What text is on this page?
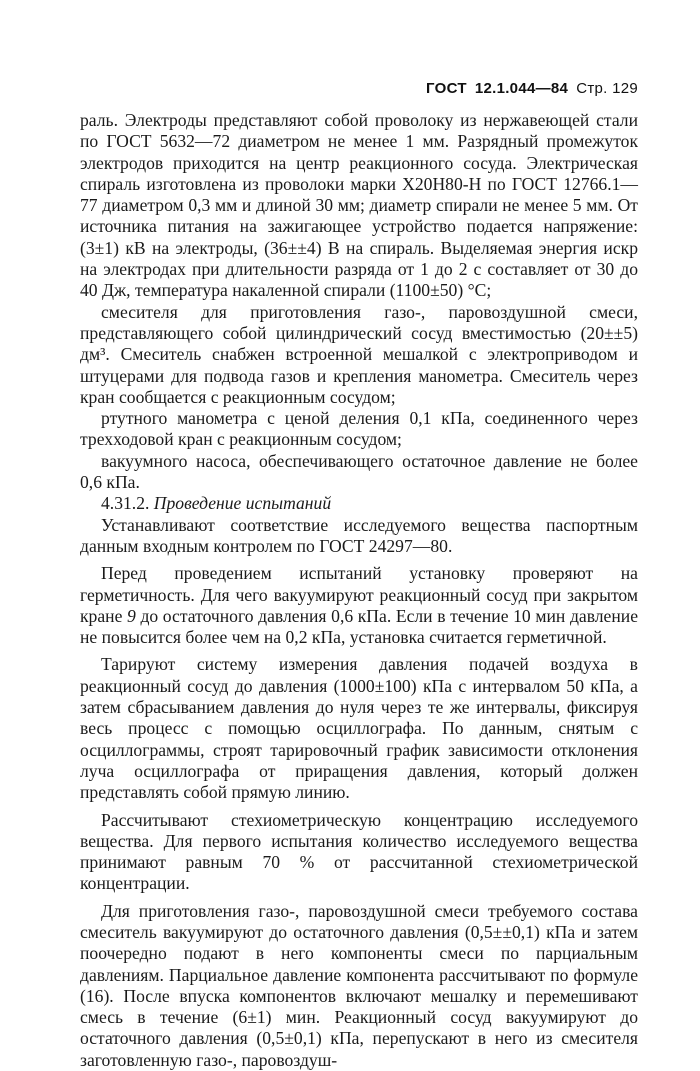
ГОСТ 12.1.044—84 Стр. 129

раль. Электроды представляют собой проволоку из нержавеющей стали по ГОСТ 5632—72 диаметром не менее 1 мм. Разрядный промежуток электродов приходится на центр реакционного сосуда. Электрическая спираль изготовлена из проволоки марки Х20Н80-Н по ГОСТ 12766.1—77 диаметром 0,3 мм и длиной 30 мм; диаметр спирали не менее 5 мм. От источника питания на зажигающее устройство подается напряжение: (3±1) кВ на электроды, (36±±4) В на спираль. Выделяемая энергия искр на электродах при длительности разряда от 1 до 2 с составляет от 30 до 40 Дж, температура накаленной спирали (1100±50) °С;

смесителя для приготовления газо-, паровоздушной смеси, представляющего собой цилиндрический сосуд вместимостью (20±±5) дм³. Смеситель снабжен встроенной мешалкой с электроприводом и штуцерами для подвода газов и крепления манометра. Смеситель через кран сообщается с реакционным сосудом;

ртутного манометра с ценой деления 0,1 кПа, соединенного через трехходовой кран с реакционным сосудом;

вакуумного насоса, обеспечивающего остаточное давление не более 0,6 кПа.

4.31.2. Проведение испытаний

Устанавливают соответствие исследуемого вещества паспортным данным входным контролем по ГОСТ 24297—80.

Перед проведением испытаний установку проверяют на герметичность. Для чего вакуумируют реакционный сосуд при закрытом кране 9 до остаточного давления 0,6 кПа. Если в течение 10 мин давление не повысится более чем на 0,2 кПа, установка считается герметичной.

Тарируют систему измерения давления подачей воздуха в реакционный сосуд до давления (1000±100) кПа с интервалом 50 кПа, а затем сбрасыванием давления до нуля через те же интервалы, фиксируя весь процесс с помощью осциллографа. По данным, снятым с осциллограммы, строят тарировочный график зависимости отклонения луча осциллографа от приращения давления, который должен представлять собой прямую линию.

Рассчитывают стехиометрическую концентрацию исследуемого вещества. Для первого испытания количество исследуемого вещества принимают равным 70 % от рассчитанной стехиометрической концентрации.

Для приготовления газо-, паровоздушной смеси требуемого состава смеситель вакуумируют до остаточного давления (0,5±±0,1) кПа и затем поочередно подают в него компоненты смеси по парциальным давлениям. Парциальное давление компонента рассчитывают по формуле (16). После впуска компонентов включают мешалку и перемешивают смесь в течение (6±1) мин. Реакционный сосуд вакуумируют до остаточного давления (0,5±0,1) кПа, перепускают в него из смесителя заготовленную газо-, паровоздуш-
